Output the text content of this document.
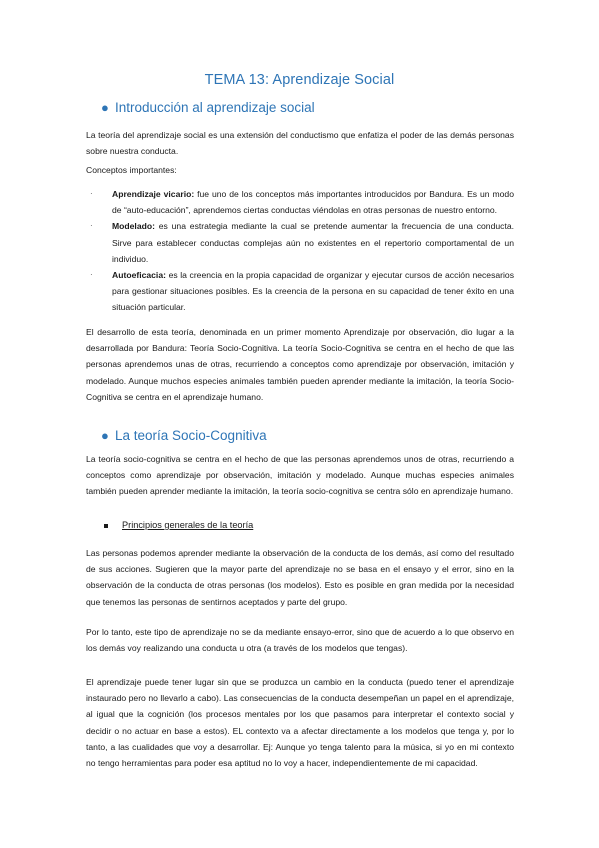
TEMA 13: Aprendizaje Social
● Introducción al aprendizaje social
La teoría del aprendizaje social es una extensión del conductismo que enfatiza el poder de las demás personas sobre nuestra conducta.
Conceptos importantes:
· Aprendizaje vicario: fue uno de los conceptos más importantes introducidos por Bandura. Es un modo de “auto-educación”, aprendemos ciertas conductas viéndolas en otras personas de nuestro entorno.
· Modelado: es una estrategia mediante la cual se pretende aumentar la frecuencia de una conducta. Sirve para establecer conductas complejas aún no existentes en el repertorio comportamental de un individuo.
· Autoeficacia: es la creencia en la propia capacidad de organizar y ejecutar cursos de acción necesarios para gestionar situaciones posibles. Es la creencia de la persona en su capacidad de tener éxito en una situación particular.
El desarrollo de esta teoría, denominada en un primer momento Aprendizaje por observación, dio lugar a la desarrollada por Bandura: Teoría Socio-Cognitiva. La teoría Socio-Cognitiva se centra en el hecho de que las personas aprendemos unas de otras, recurriendo a conceptos como aprendizaje por observación, imitación y modelado. Aunque muchos especies animales también pueden aprender mediante la imitación, la teoría Socio-Cognitiva se centra en el aprendizaje humano.
● La teoría Socio-Cognitiva
La teoría socio-cognitiva se centra en el hecho de que las personas aprendemos unos de otras, recurriendo a conceptos como aprendizaje por observación, imitación y modelado. Aunque muchas especies animales también pueden aprender mediante la imitación, la teoría socio-cognitiva se centra sólo en aprendizaje humano.
Principios generales de la teoría
Las personas podemos aprender mediante la observación de la conducta de los demás, así como del resultado de sus acciones. Sugieren que la mayor parte del aprendizaje no se basa en el ensayo y el error, sino en la observación de la conducta de otras personas (los modelos). Esto es posible en gran medida por la necesidad que tenemos las personas de sentirnos aceptados y parte del grupo.
Por lo tanto, este tipo de aprendizaje no se da mediante ensayo-error, sino que de acuerdo a lo que observo en los demás voy realizando una conducta u otra (a través de los modelos que tengas).
El aprendizaje puede tener lugar sin que se produzca un cambio en la conducta (puedo tener el aprendizaje instaurado pero no llevarlo a cabo). Las consecuencias de la conducta desempeñan un papel en el aprendizaje, al igual que la cognición (los procesos mentales por los que pasamos para interpretar el contexto social y decidir o no actuar en base a estos). EL contexto va a afectar directamente a los modelos que tenga y, por lo tanto, a las cualidades que voy a desarrollar. Ej: Aunque yo tenga talento para la música, si yo en mi contexto no tengo herramientas para poder esa aptitud no lo voy a hacer, independientemente de mi capacidad.
